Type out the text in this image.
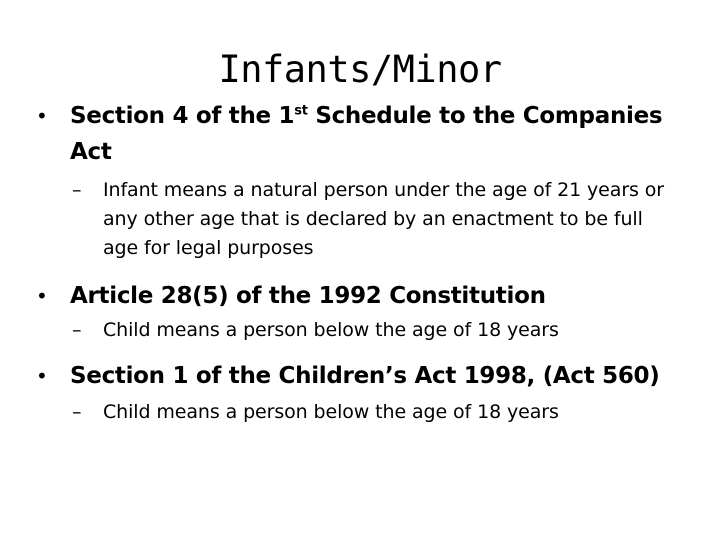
Infants/Minor
• Section 4 of the 1st Schedule to the Companies Act
– Infant means a natural person under the age of 21 years or any other age that is declared by an enactment to be full age for legal purposes
• Article 28(5) of the 1992 Constitution
– Child means a person below the age of 18 years
• Section 1 of the Children’s Act 1998, (Act 560)
– Child means a person below the age of 18 years
